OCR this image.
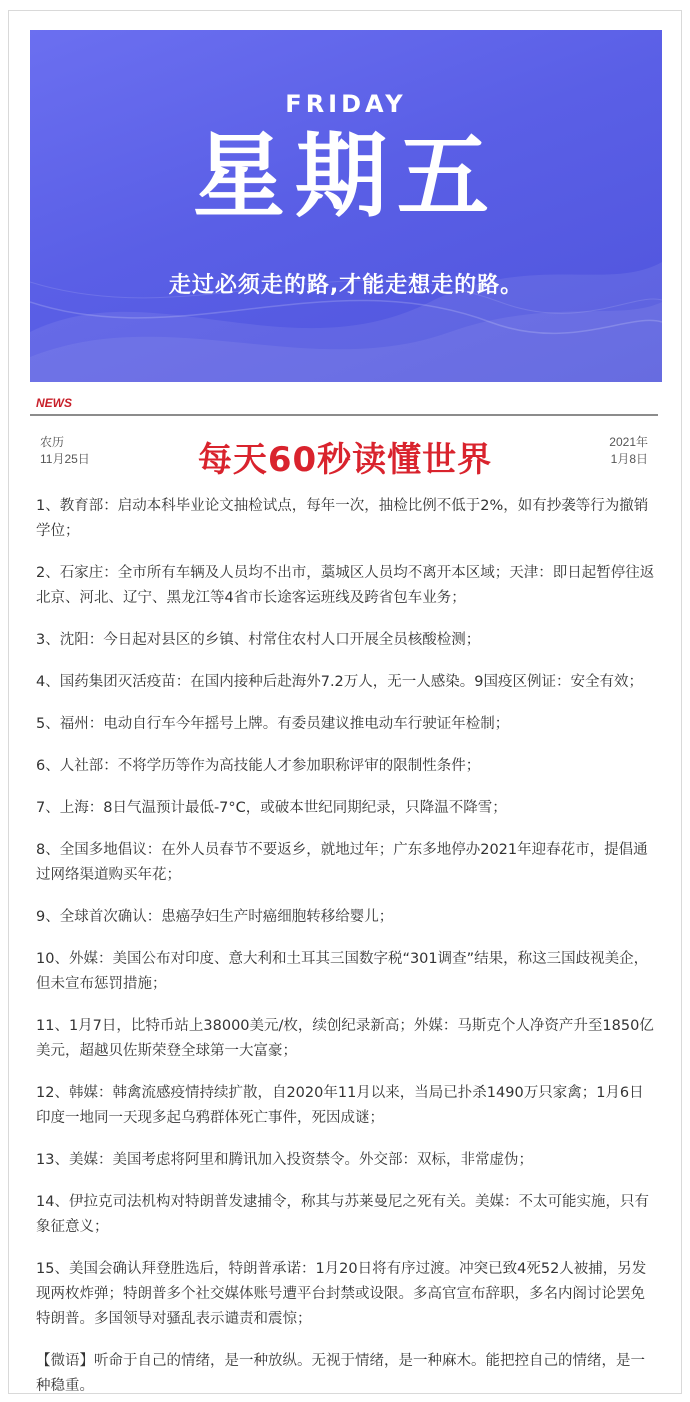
FRIDAY
星期五
走过必须走的路,才能走想走的路。
NEWS
农历
11月25日	每天60秒读懂世界	2021年
1月8日

1、教育部：启动本科毕业论文抽检试点，每年一次，抽检比例不低于2%，如有抄袭等行为撤销学位；

2、石家庄：全市所有车辆及人员均不出市，藁城区人员均不离开本区域；天津：即日起暂停往返北京、河北、辽宁、黑龙江等4省市长途客运班线及跨省包车业务；

3、沈阳：今日起对县区的乡镇、村常住农村人口开展全员核酸检测；

4、国药集团灭活疫苗：在国内接种后赴海外7.2万人，无一人感染。9国疫区例证：安全有效；

5、福州：电动自行车今年摇号上牌。有委员建议推电动车行驶证年检制；

6、人社部：不将学历等作为高技能人才参加职称评审的限制性条件；

7、上海：8日气温预计最低-7°C，或破本世纪同期纪录，只降温不降雪；

8、全国多地倡议：在外人员春节不要返乡，就地过年；广东多地停办2021年迎春花市，提倡通过网络渠道购买年花；

9、全球首次确认：患癌孕妇生产时癌细胞转移给婴儿；

10、外媒：美国公布对印度、意大利和土耳其三国数字税“301调查”结果，称这三国歧视美企，但未宣布惩罚措施；

11、1月7日，比特币站上38000美元/枚，续创纪录新高；外媒：马斯克个人净资产升至1850亿美元，超越贝佐斯荣登全球第一大富豪；

12、韩媒：韩禽流感疫情持续扩散，自2020年11月以来，当局已扑杀1490万只家禽；1月6日印度一地同一天现多起乌鸦群体死亡事件，死因成谜；

13、美媒：美国考虑将阿里和腾讯加入投资禁令。外交部：双标，非常虚伪；

14、伊拉克司法机构对特朗普发逮捕令，称其与苏莱曼尼之死有关。美媒：不太可能实施，只有象征意义；

15、美国会确认拜登胜选后，特朗普承诺：1月20日将有序过渡。冲突已致4死52人被捕，另发现两枚炸弹；特朗普多个社交媒体账号遭平台封禁或设限。多高官宣布辞职，多名内阁讨论罢免特朗普。多国领导对骚乱表示谴责和震惊；

【微语】听命于自己的情绪，是一种放纵。无视于情绪，是一种麻木。能把控自己的情绪，是一种稳重。
